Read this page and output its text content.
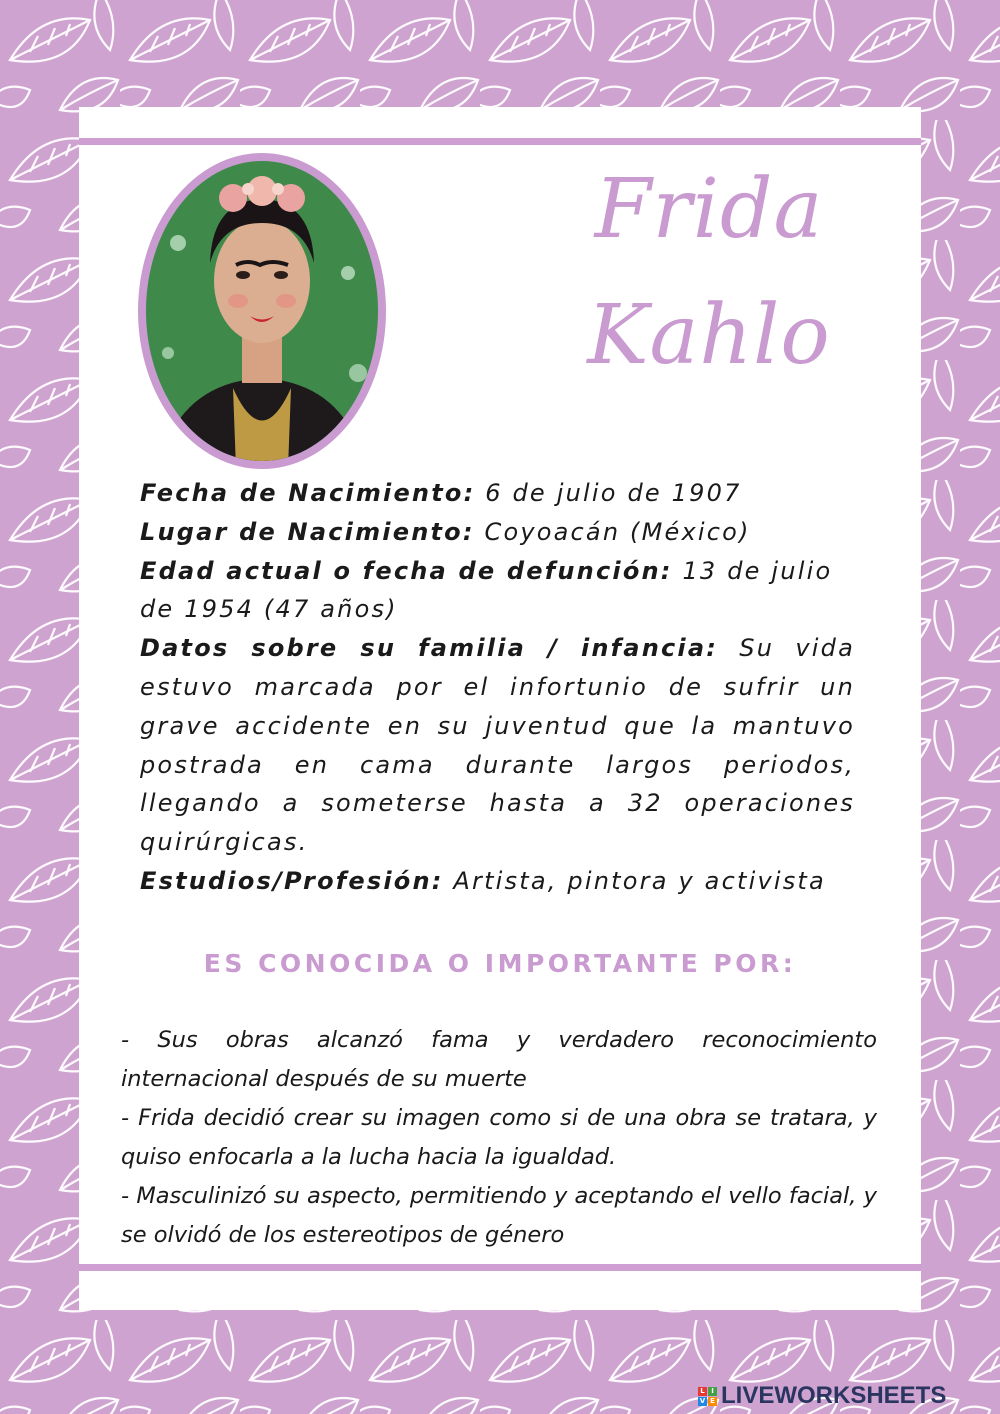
Frida
Kahlo

Fecha de Nacimiento: 6 de julio de 1907

Lugar de Nacimiento: Coyoacán (México)

Edad actual o fecha de defunción: 13 de julio de 1954 (47 años)

Datos sobre su familia / infancia: Su vida estuvo marcada por el infortunio de sufrir un grave accidente en su juventud que la mantuvo postrada en cama durante largos periodos, llegando a someterse hasta a 32 operaciones quirúrgicas.

Estudios/Profesión: Artista, pintora y activista

ES CONOCIDA O IMPORTANTE POR:

- Sus obras alcanzó fama y verdadero reconocimiento internacional después de su muerte

- Frida decidió crear su imagen como si de una obra se tratara, y quiso enfocarla a la lucha hacia la igualdad.

- Masculinizó su aspecto, permitiendo y aceptando el vello facial, y se olvidó de los estereotipos de género

L I
V E LIVEWORKSHEETS
